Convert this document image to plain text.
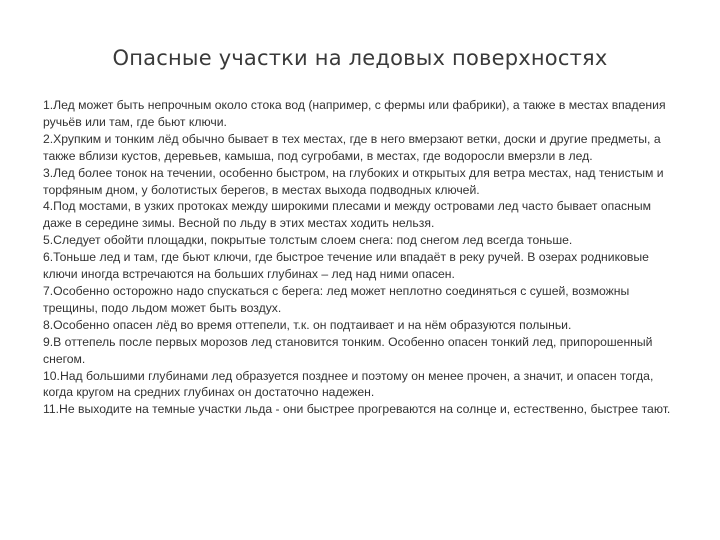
Опасные участки на ледовых поверхностях
1.Лед может быть непрочным около стока вод (например, с фермы или фабрики), а также в местах впадения ручьёв или там, где бьют ключи.
2.Хрупким и тонким лёд обычно бывает в тех местах, где в него вмерзают ветки, доски и другие предметы, а также вблизи кустов, деревьев, камыша, под сугробами, в местах, где водоросли вмерзли в лед.
3.Лед более тонок на течении, особенно быстром, на глубоких и открытых для ветра местах, над тенистым и торфяным дном, у болотистых берегов, в местах выхода подводных ключей.
4.Под мостами, в узких протоках между широкими плесами и между островами лед часто бывает опасным даже в середине зимы. Весной по льду в этих местах ходить нельзя.
5.Следует обойти площадки, покрытые толстым слоем снега: под снегом лед всегда тоньше.
6.Тоньше лед и там, где бьют ключи, где быстрое течение или впадаёт в реку ручей. В озерах родниковые ключи иногда встречаются на больших глубинах – лед над ними опасен.
7.Особенно осторожно надо спускаться с берега: лед может неплотно соединяться с сушей, возможны трещины, подо льдом может быть воздух.
8.Особенно опасен лёд во время оттепели, т.к. он подтаивает и на нём образуются полыньи.
9.В оттепель после первых морозов лед становится тонким. Особенно опасен тонкий лед, припорошенный снегом.
10.Над большими глубинами лед образуется позднее и поэтому он менее прочен, а значит, и опасен тогда, когда кругом на средних глубинах он достаточно надежен.
11.Не выходите на темные участки льда - они быстрее прогреваются на солнце и, естественно, быстрее тают.
